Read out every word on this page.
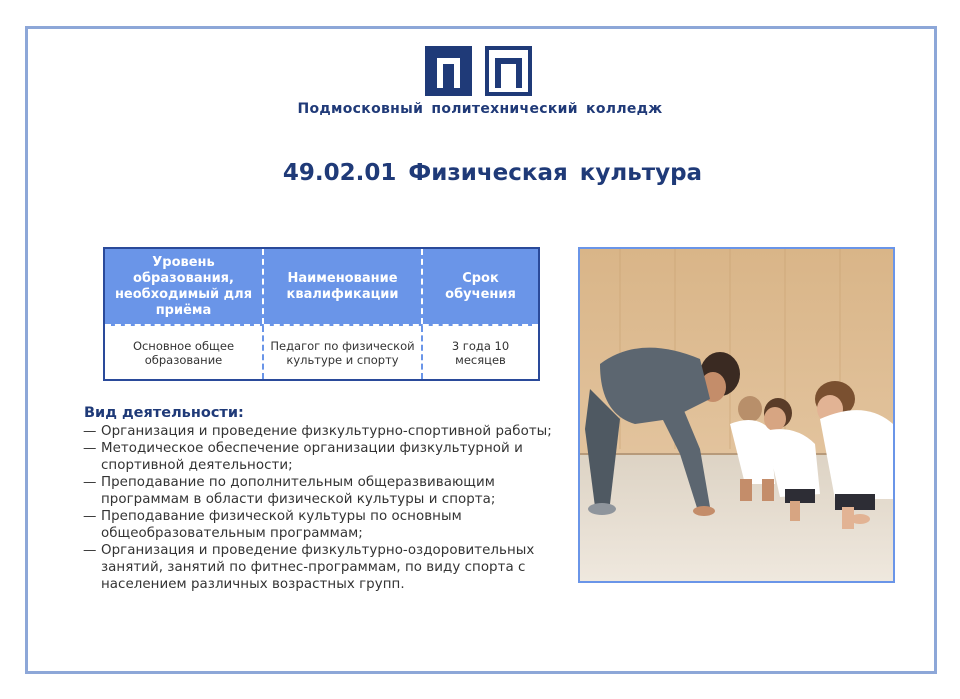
Подмосковный политехнический колледж
49.02.01 Физическая культура
Уровень образования, необходимый для приёма
Наименование квалификации
Срок обучения
Основное общее образование
Педагог по физической культуре и спорту
3 года 10 месяцев
Вид деятельности:
— Организация и проведение физкультурно-спортивной работы;
— Методическое обеспечение организации физкультурной и спортивной деятельности;
— Преподавание по дополнительным общеразвивающим программам в области физической культуры и спорта;
— Преподавание физической культуры по основным общеобразовательным программам;
— Организация и проведение физкультурно-оздоровительных занятий, занятий по фитнес-программам, по виду спорта с населением различных возрастных групп.
